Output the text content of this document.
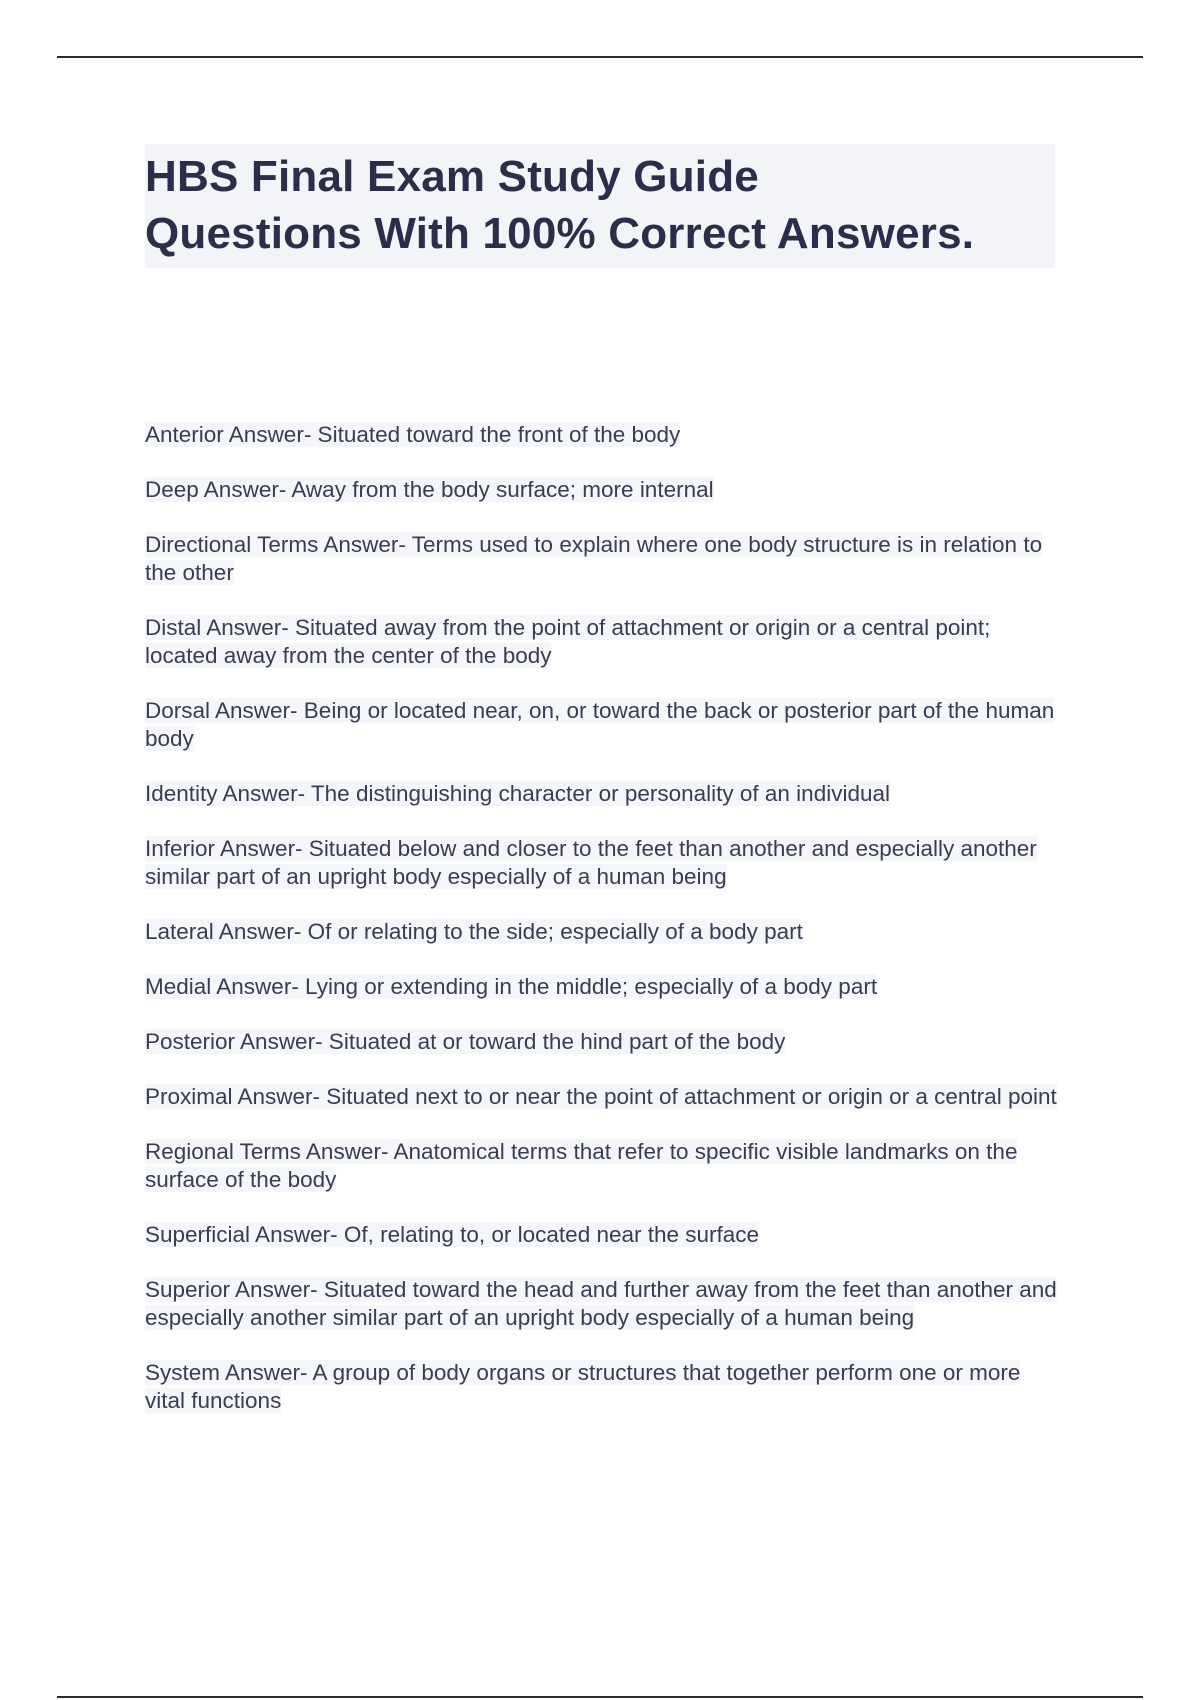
HBS Final Exam Study Guide
Questions With 100% Correct Answers.

Anterior Answer- Situated toward the front of the body

Deep Answer- Away from the body surface; more internal

Directional Terms Answer- Terms used to explain where one body structure is in relation to the other

Distal Answer- Situated away from the point of attachment or origin or a central point; located away from the center of the body

Dorsal Answer- Being or located near, on, or toward the back or posterior part of the human body

Identity Answer- The distinguishing character or personality of an individual

Inferior Answer- Situated below and closer to the feet than another and especially another similar part of an upright body especially of a human being

Lateral Answer- Of or relating to the side; especially of a body part

Medial Answer- Lying or extending in the middle; especially of a body part

Posterior Answer- Situated at or toward the hind part of the body

Proximal Answer- Situated next to or near the point of attachment or origin or a central point

Regional Terms Answer- Anatomical terms that refer to specific visible landmarks on the surface of the body

Superficial Answer- Of, relating to, or located near the surface

Superior Answer- Situated toward the head and further away from the feet than another and especially another similar part of an upright body especially of a human being

System Answer- A group of body organs or structures that together perform one or more vital functions
